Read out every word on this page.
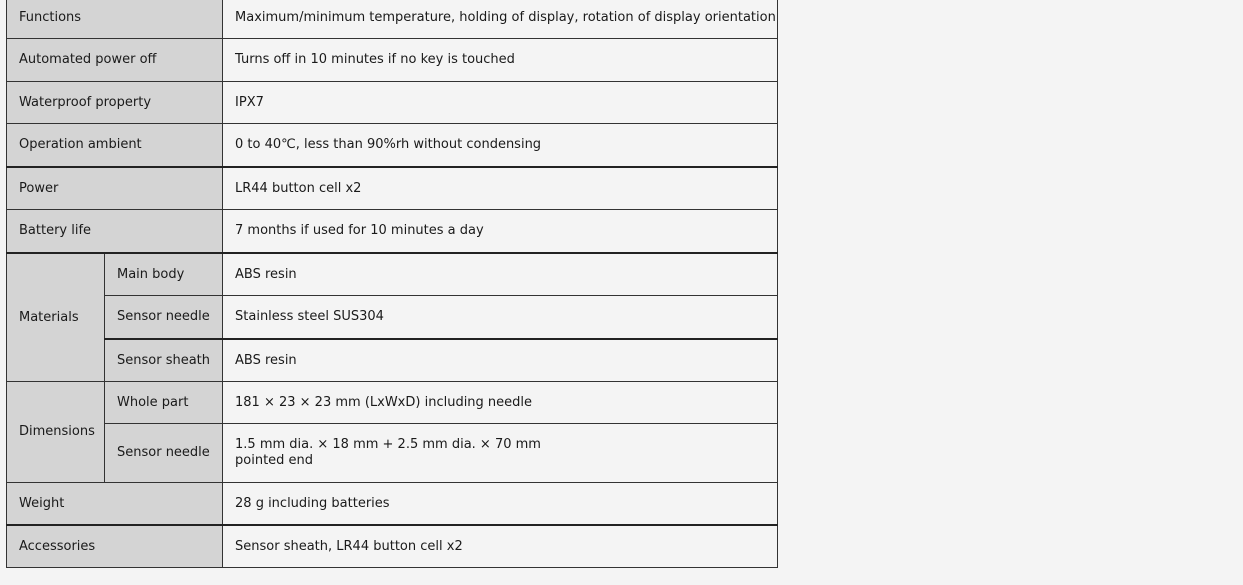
Functions		Maximum/minimum temperature, holding of display, rotation of display orientation
Automated power off		Turns off in 10 minutes if no key is touched
Waterproof property		IPX7
Operation ambient		0 to 40℃, less than 90%rh without condensing
Power		LR44 button cell x2
Battery life		7 months if used for 10 minutes a day
Materials	Main body	ABS resin
	Sensor needle	Stainless steel SUS304
	Sensor sheath	ABS resin
Dimensions	Whole part	181 × 23 × 23 mm (LxWxD) including needle
	Sensor needle	1.5 mm dia. × 18 mm + 2.5 mm dia. × 70 mm
pointed end

Weight		28 g including batteries
Accessories		Sensor sheath, LR44 button cell x2
